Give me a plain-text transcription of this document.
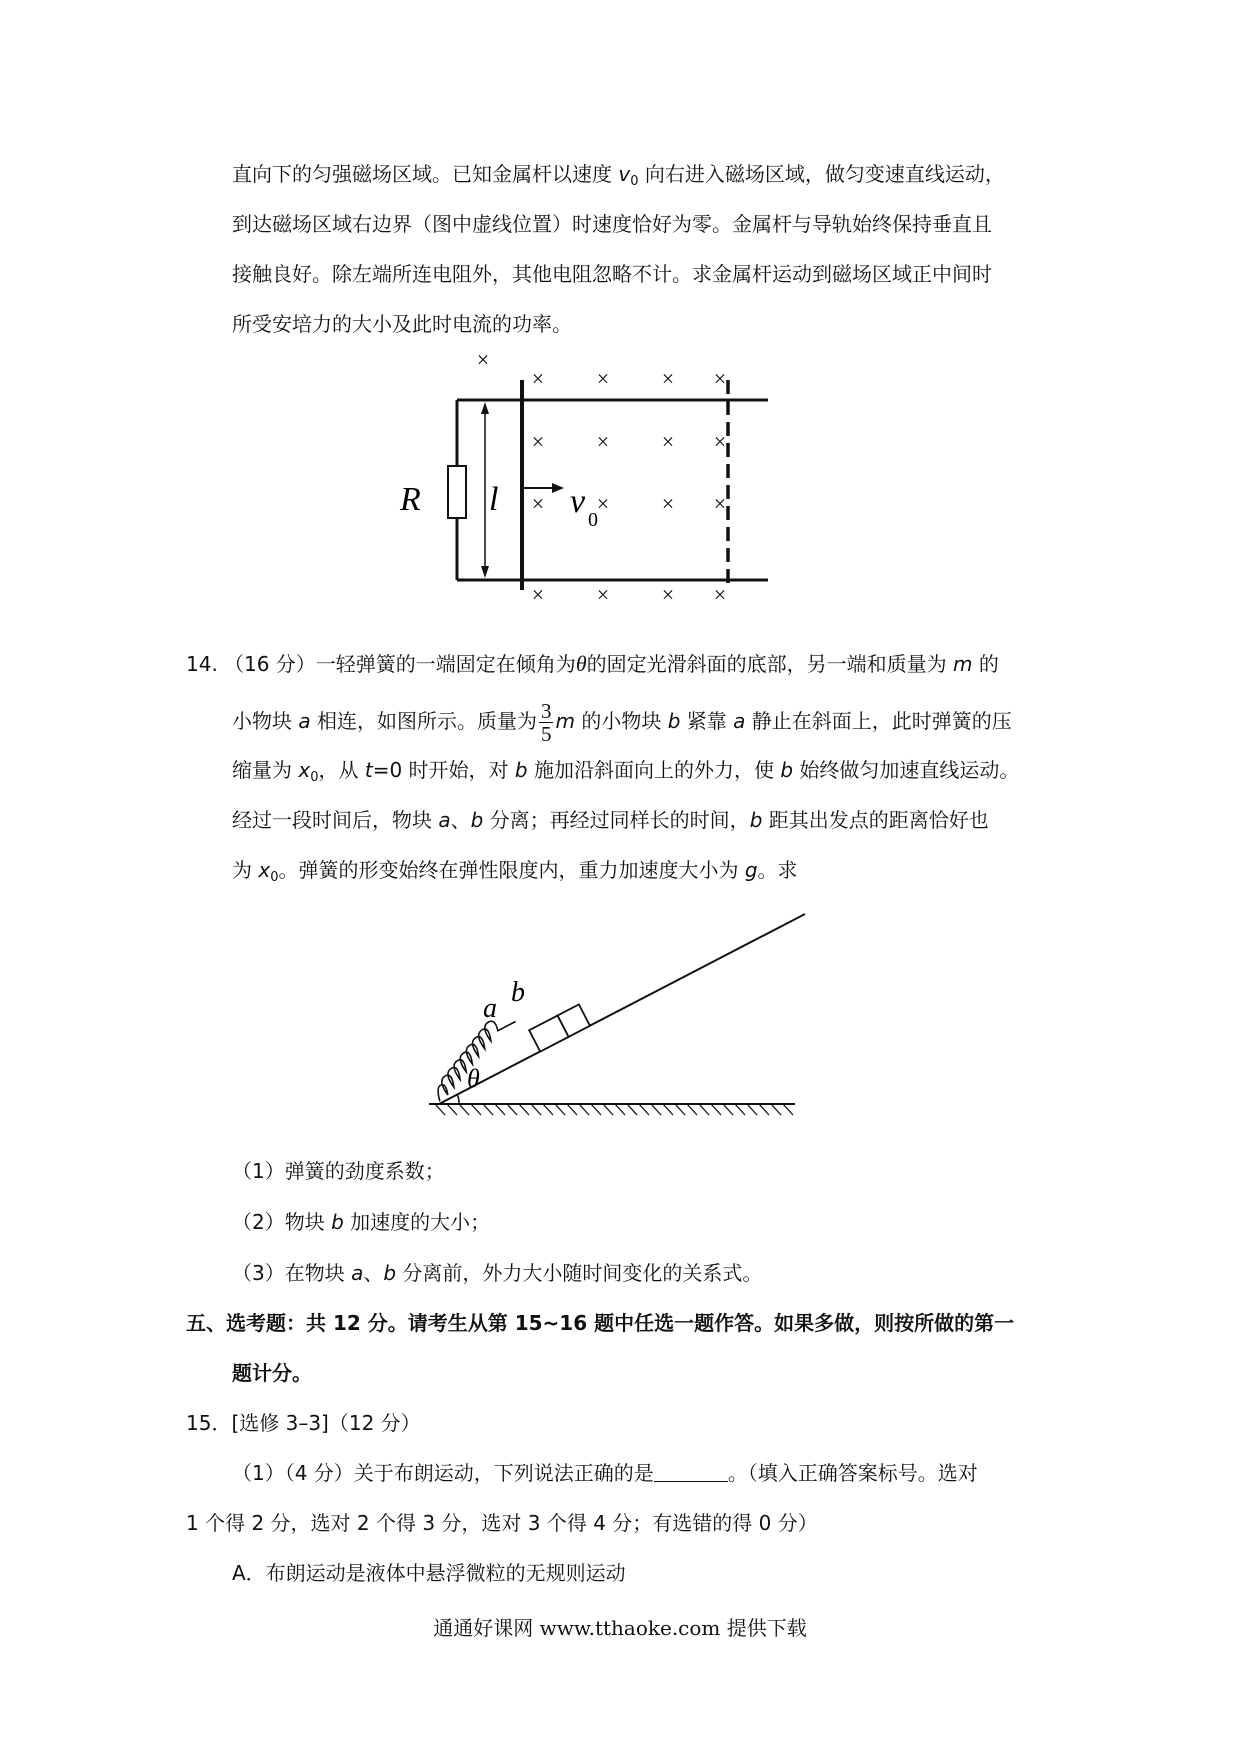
直向下的匀强磁场区域。已知金属杆以速度 $v_0$ 向右进入磁场区域，做匀变速直线运动，
到达磁场区域右边界（图中虚线位置）时速度恰好为零。金属杆与导轨始终保持垂直且
接触良好。除左端所连电阻外，其他电阻忽略不计。求金属杆运动到磁场区域正中间时
所受安培力的大小及此时电流的功率。
R l v 0
×
× × × ×
× × × ×
×	× ×
×
× × × ×
14. （16 分）一轻弹簧的一端固定在倾角为θ的固定光滑斜面的底部，另一端和质量为 m 的
小物块 a 相连，如图所示。质量为 $\frac{3}{5}$ m 的小物块 b 紧靠 a 静止在斜面上，此时弹簧的压
缩量为 $x_0$，从 t=0 时开始，对 b 施加沿斜面向上的外力，使 b 始终做匀加速直线运动。
经过一段时间后，物块 a、b 分离；再经过同样长的时间，b 距其出发点的距离恰好也
为 $x_0$。弹簧的形变始终在弹性限度内，重力加速度大小为 g。求
a
b
θ
（1）弹簧的劲度系数；
（2）物块 b 加速度的大小；
（3）在物块 a、b 分离前，外力大小随时间变化的关系式。
五、选考题：共 12 分。请考生从第 15~16 题中任选一题作答。如果多做，则按所做的第一
题计分。
15．[选修 3–3]（12 分）
（1）（4 分）关于布朗运动，下列说法正确的是	。（填入正确答案标号。选对
1 个得 2 分，选对 2 个得 3 分，选对 3 个得 4 分；有选错的得 0 分）
A．布朗运动是液体中悬浮微粒的无规则运动
通通好课网 www.tthaoke.com 提供下载
